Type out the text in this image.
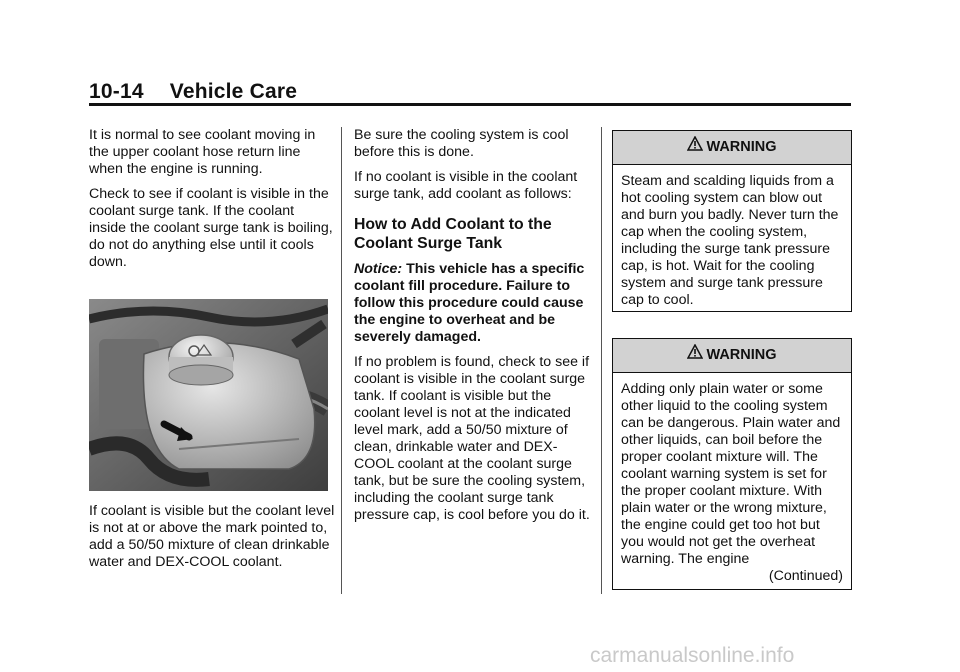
10-14 Vehicle Care

It is normal to see coolant moving in the upper coolant hose return line when the engine is running.

Check to see if coolant is visible in the coolant surge tank. If the coolant inside the coolant surge tank is boiling, do not do anything else until it cools down.

If coolant is visible but the coolant level is not at or above the mark pointed to, add a 50/50 mixture of clean drinkable water and DEX-COOL coolant.

Be sure the cooling system is cool before this is done.

If no coolant is visible in the coolant surge tank, add coolant as follows:

How to Add Coolant to the Coolant Surge Tank

Notice: This vehicle has a specific coolant fill procedure. Failure to follow this procedure could cause the engine to overheat and be severely damaged.

If no problem is found, check to see if coolant is visible in the coolant surge tank. If coolant is visible but the coolant level is not at the indicated level mark, add a 50/50 mixture of clean, drinkable water and DEX-COOL coolant at the coolant surge tank, but be sure the cooling system, including the coolant surge tank pressure cap, is cool before you do it.

WARNING
Steam and scalding liquids from a hot cooling system can blow out and burn you badly. Never turn the cap when the cooling system, including the surge tank pressure cap, is hot. Wait for the cooling system and surge tank pressure cap to cool.
WARNING
Adding only plain water or some other liquid to the cooling system can be dangerous. Plain water and other liquids, can boil before the proper coolant mixture will. The coolant warning system is set for the proper coolant mixture. With plain water or the wrong mixture, the engine could get too hot but you would not get the overheat warning. The engine
(Continued)
carmanualsonline.info
